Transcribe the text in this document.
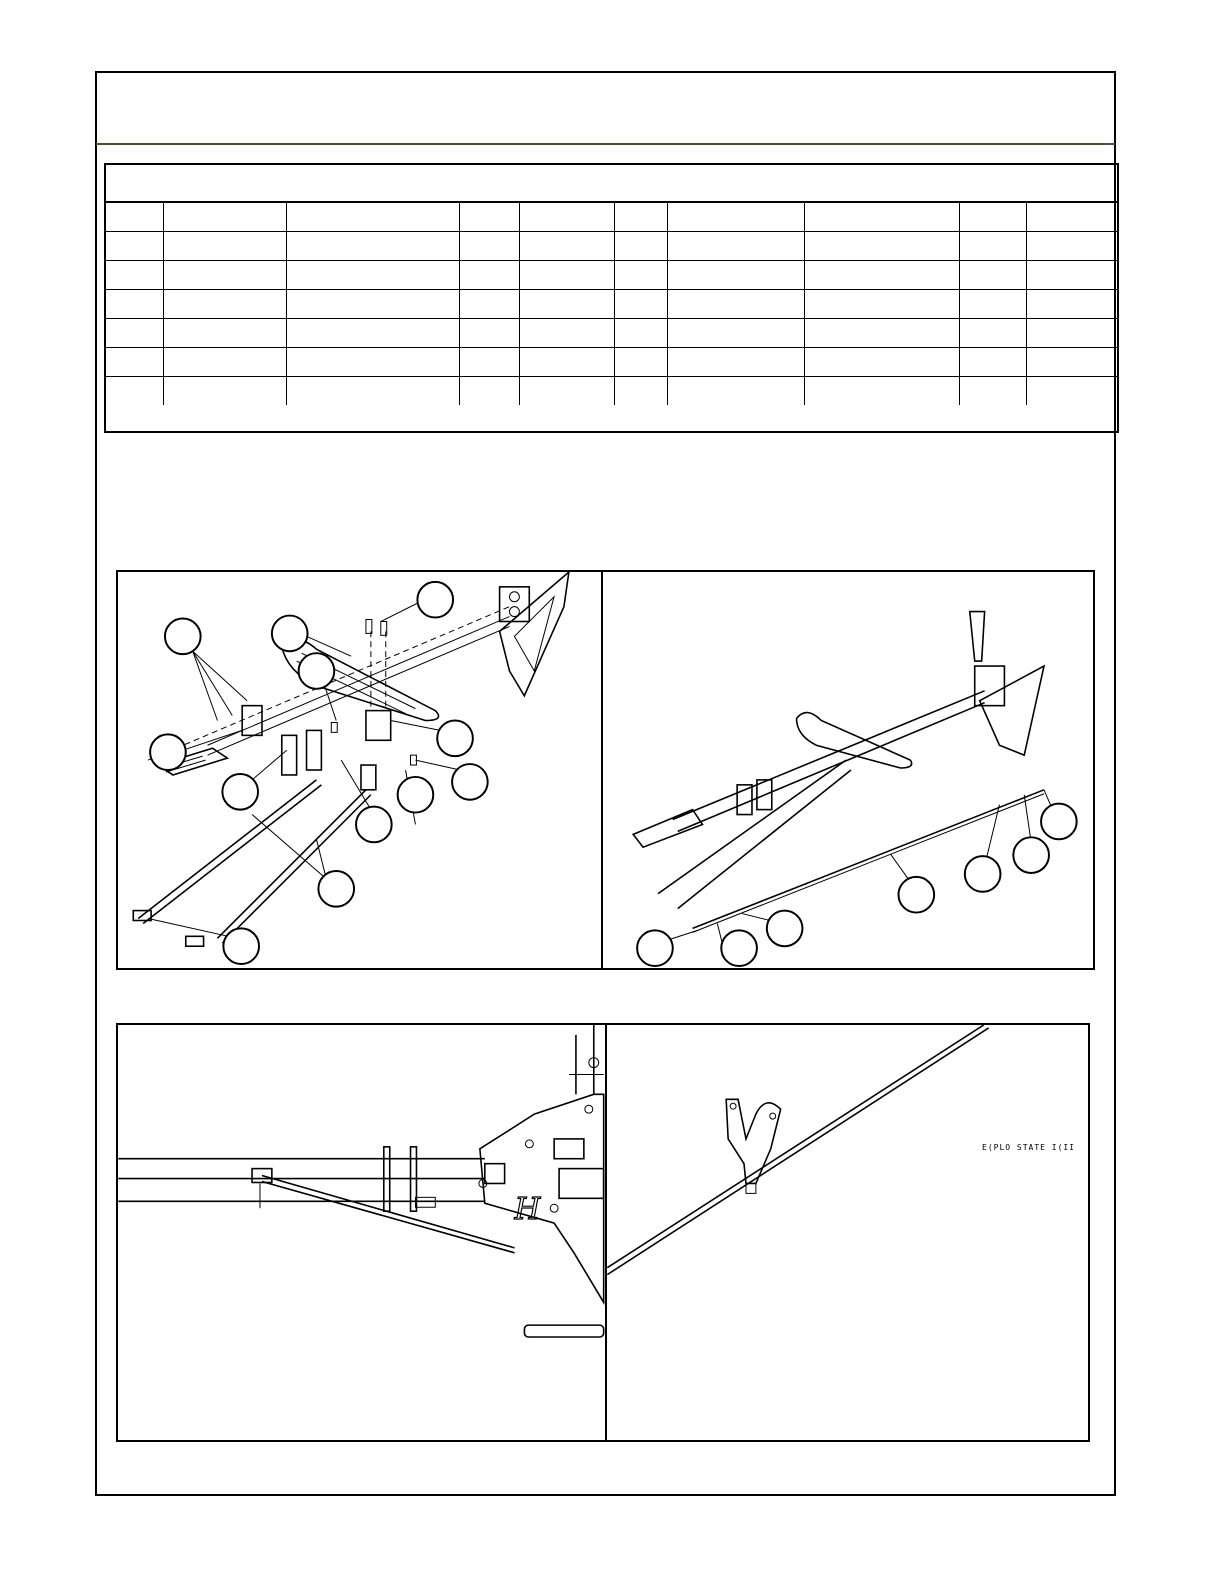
H
E(PLO STATE I(II
